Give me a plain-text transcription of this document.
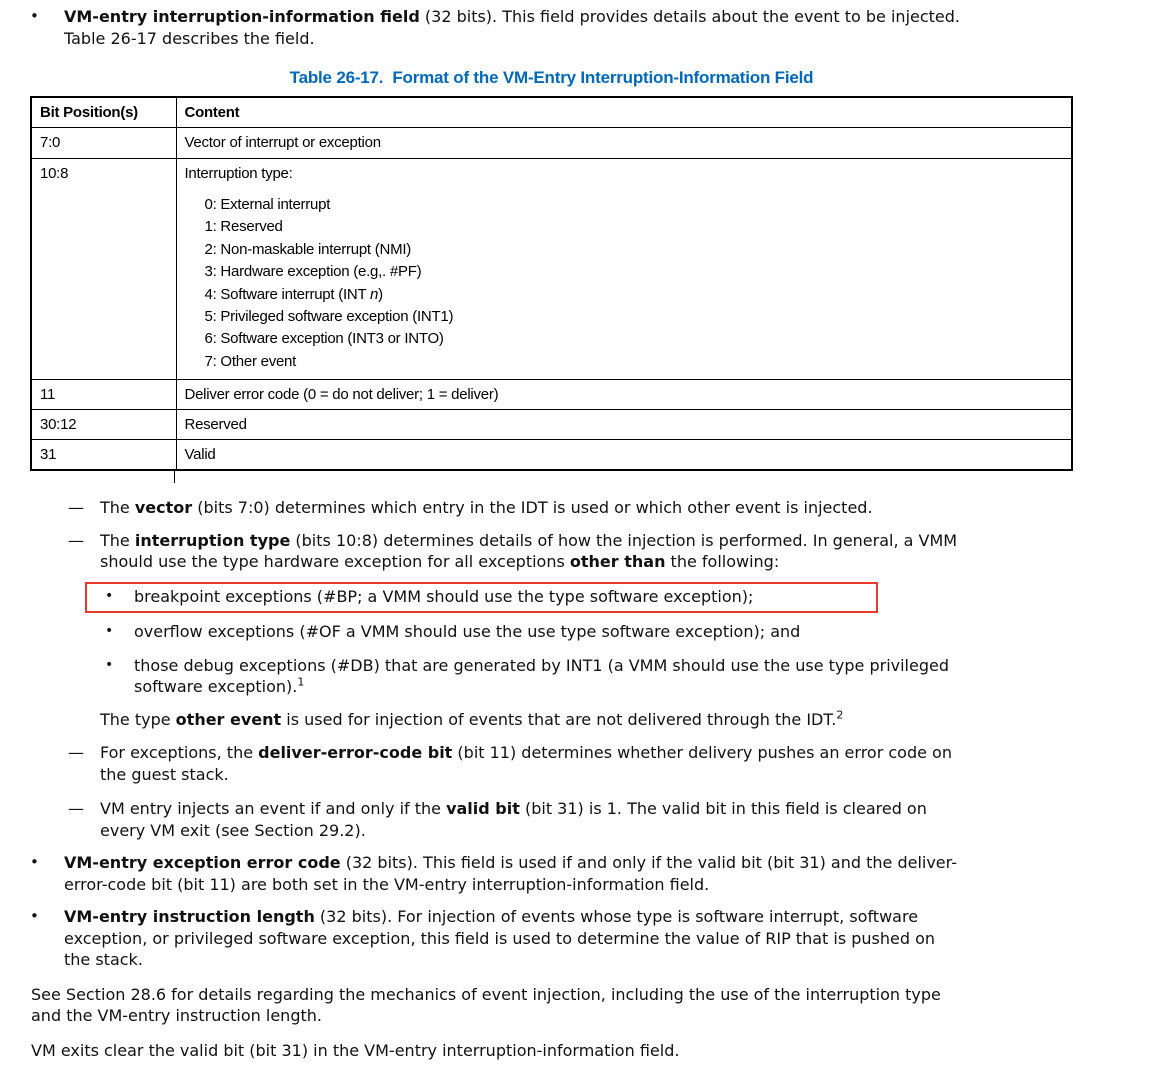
•	VM-entry interruption-information field (32 bits). This field provides details about the event to be injected.
Table 26-17 describes the field.
Table 26-17. Format of the VM-Entry Interruption-Information Field
Bit Position(s)	Content
7:0	Vector of interrupt or exception
10:8	Interruption type:
0: External interrupt
1: Reserved
2: Non-maskable interrupt (NMI)
3: Hardware exception (e.g,. #PF)
4: Software interrupt (INT n)
5: Privileged software exception (INT1)
6: Software exception (INT3 or INTO)
7: Other event

11	Deliver error code (0 = do not deliver; 1 = deliver)
30:12	Reserved
31	Valid
—	The vector (bits 7:0) determines which entry in the IDT is used or which other event is injected.
—	The interruption type (bits 10:8) determines details of how the injection is performed. In general, a VMM
should use the type hardware exception for all exceptions other than the following:
•	breakpoint exceptions (#BP; a VMM should use the type software exception);
•	overflow exceptions (#OF a VMM should use the use type software exception); and
•	those debug exceptions (#DB) that are generated by INT1 (a VMM should use the use type privileged
software exception).$^1$
The type other event is used for injection of events that are not delivered through the IDT.$^2$
—	For exceptions, the deliver-error-code bit (bit 11) determines whether delivery pushes an error code on
the guest stack.
—	VM entry injects an event if and only if the valid bit (bit 31) is 1. The valid bit in this field is cleared on
every VM exit (see Section 29.2).
•	VM-entry exception error code (32 bits). This field is used if and only if the valid bit (bit 31) and the deliver-
error-code bit (bit 11) are both set in the VM-entry interruption-information field.
•	VM-entry instruction length (32 bits). For injection of events whose type is software interrupt, software
exception, or privileged software exception, this field is used to determine the value of RIP that is pushed on
the stack.
See Section 28.6 for details regarding the mechanics of event injection, including the use of the interruption type
and the VM-entry instruction length.
VM exits clear the valid bit (bit 31) in the VM-entry interruption-information field.
